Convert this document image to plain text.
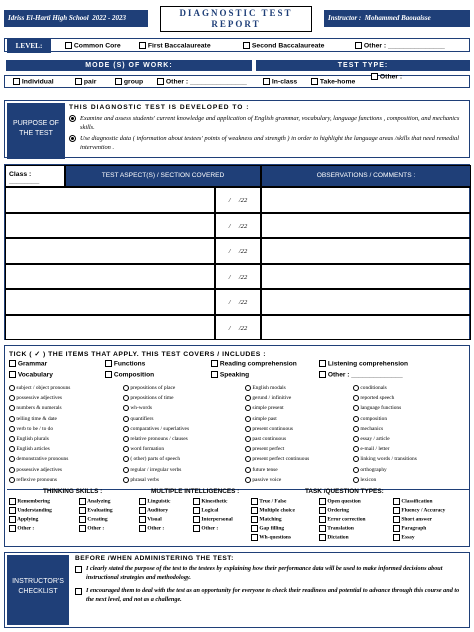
Idriss El-Harti High School 2022 - 2023	DIAGNOSTIC TEST
REPORT
Instructor : Mohammed Baouaisse
LEVEL:	Common Core	First Baccalaureate	Second Baccalaureate	Other : _______________
MODE (S) OF WORK:	TEST TYPE:
Individual	pair	group	Other : _______________	In-class	Take-home
Other :
PURPOSE OF THE TEST
THIS DIAGNOSTIC TEST IS DEVELOPED TO :
Examine and assess students' current knowledge and application of English grammar, vocabulary, language functions , composition, and mechanics skills.
Use diagnostic data ( information about testees' points of weakness and strength ) in order to highlight the language areas /skills that need remedial intervention .
Class : ________
TEST ASPECT(S) / SECTION COVERED	OBSERVATIONS / COMMENTS :
/     /22
/     /22
/     /22
/     /22
/     /22
/     /22
TICK ( ✓ ) THE ITEMS THAT APPLY. THIS TEST COVERS / INCLUDES :
Grammar	Functions	Reading comprehension	Listening comprehension
Vocabulary	Composition	Speaking	Other : ______________
subject / object pronouns
possessive adjectives
numbers & numerals
telling time & date
verb to be / to do
English plurals
English articles
demonstrative pronouns
possessive adjectives
reflexive pronouns
prepositions of place
prepositions of time
wh-words
quantifiers
comparatives / superlatives
relative pronouns / clauses
word formation
( other) parts of speech
regular / irregular verbs
phrasal verbs
English modals
gerund / infinitive
simple present
simple past
present continuous
past continuous
present perfect
present perfect continuous
future tense
passive voice
conditionals
reported speech
language functions
composition
mechanics
essay / article
e-mail / letter
linking words / transitions
orthography
lexicon
THINKING SKILLS :	MULTIPLE INTELLIGENCES :	TASK /QUESTION TYPES:
Remembering
Understanding
Applying
Other :
Analyzing
Evaluating
Creating
Other :
Linguistic
Auditory
Visual
Other :
Kinesthetic
Logical
Interpersonal
Other :
True / False
Multiple choice
Matching
Gap filling
Wh-questions
Open question
Ordering
Error correction
Translation
Dictation
Classification
Fluency / Accuracy
Short answer
Paragraph
Essay
INSTRUCTOR'S CHECKLIST
BEFORE /WHEN ADMINISTERING THE TEST:
I clearly stated the purpose of the test to the testees by explaining how their performance data will be used to make informed decisions about instructional strategies and methodology.
I encouraged them to deal with the test as an opportunity for everyone to check their readiness and potential to advance through this course and to the next level, and not as a challenge.
